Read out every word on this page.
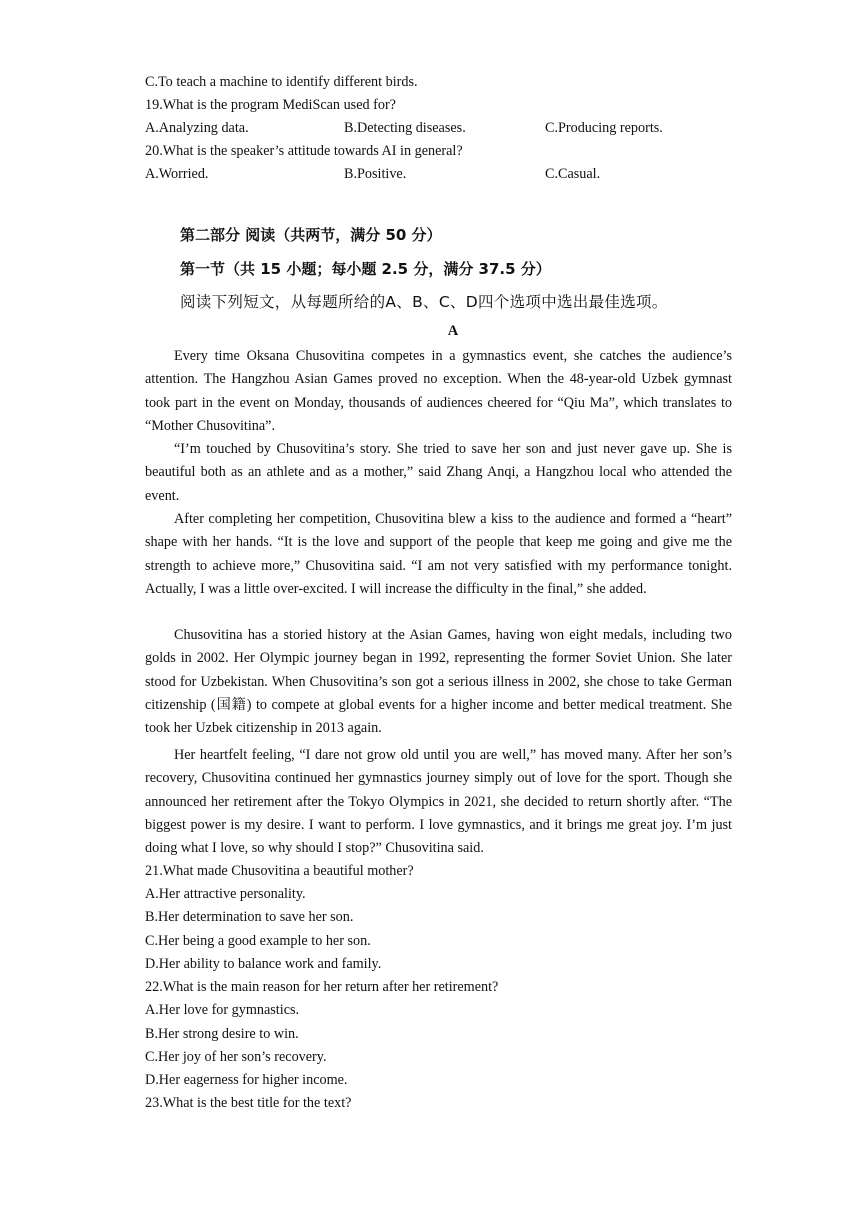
C.To teach a machine to identify different birds.
19.What is the program MediScan used for?
A.Analyzing data.	B.Detecting diseases.	C.Producing reports.
20.What is the speaker’s attitude towards AI in general?
A.Worried.	B.Positive.	C.Casual.
第二部分 阅读（共两节，满分 50 分）
第一节（共 15 小题；每小题 2.5 分，满分 37.5 分）
阅读下列短文，从每题所给的A、B、C、D四个选项中选出最佳选项。
A
Every time Oksana Chusovitina competes in a gymnastics event, she catches the audience’s attention. The Hangzhou Asian Games proved no exception. When the 48-year-old Uzbek gymnast took part in the event on Monday, thousands of audiences cheered for “Qiu Ma”, which translates to “Mother Chusovitina”.
“I’m touched by Chusovitina’s story. She tried to save her son and just never gave up. She is beautiful both as an athlete and as a mother,” said Zhang Anqi, a Hangzhou local who attended the event.
After completing her competition, Chusovitina blew a kiss to the audience and formed a “heart” shape with her hands. “It is the love and support of the people that keep me going and give me the strength to achieve more,” Chusovitina said. “I am not very satisfied with my performance tonight. Actually, I was a little over-excited. I will increase the difficulty in the final,” she added.
Chusovitina has a storied history at the Asian Games, having won eight medals, including two golds in 2002. Her Olympic journey began in 1992, representing the former Soviet Union. She later stood for Uzbekistan. When Chusovitina’s son got a serious illness in 2002, she chose to take German citizenship (国籍) to compete at global events for a higher income and better medical treatment. She took her Uzbek citizenship in 2013 again.
Her heartfelt feeling, “I dare not grow old until you are well,” has moved many. After her son’s recovery, Chusovitina continued her gymnastics journey simply out of love for the sport. Though she announced her retirement after the Tokyo Olympics in 2021, she decided to return shortly after. “The biggest power is my desire. I want to perform. I love gymnastics, and it brings me great joy. I’m just doing what I love, so why should I stop?” Chusovitina said.
21.What made Chusovitina a beautiful mother?
A.Her attractive personality.
B.Her determination to save her son.
C.Her being a good example to her son.
D.Her ability to balance work and family.
22.What is the main reason for her return after her retirement?
A.Her love for gymnastics.
B.Her strong desire to win.
C.Her joy of her son’s recovery.
D.Her eagerness for higher income.
23.What is the best title for the text?
